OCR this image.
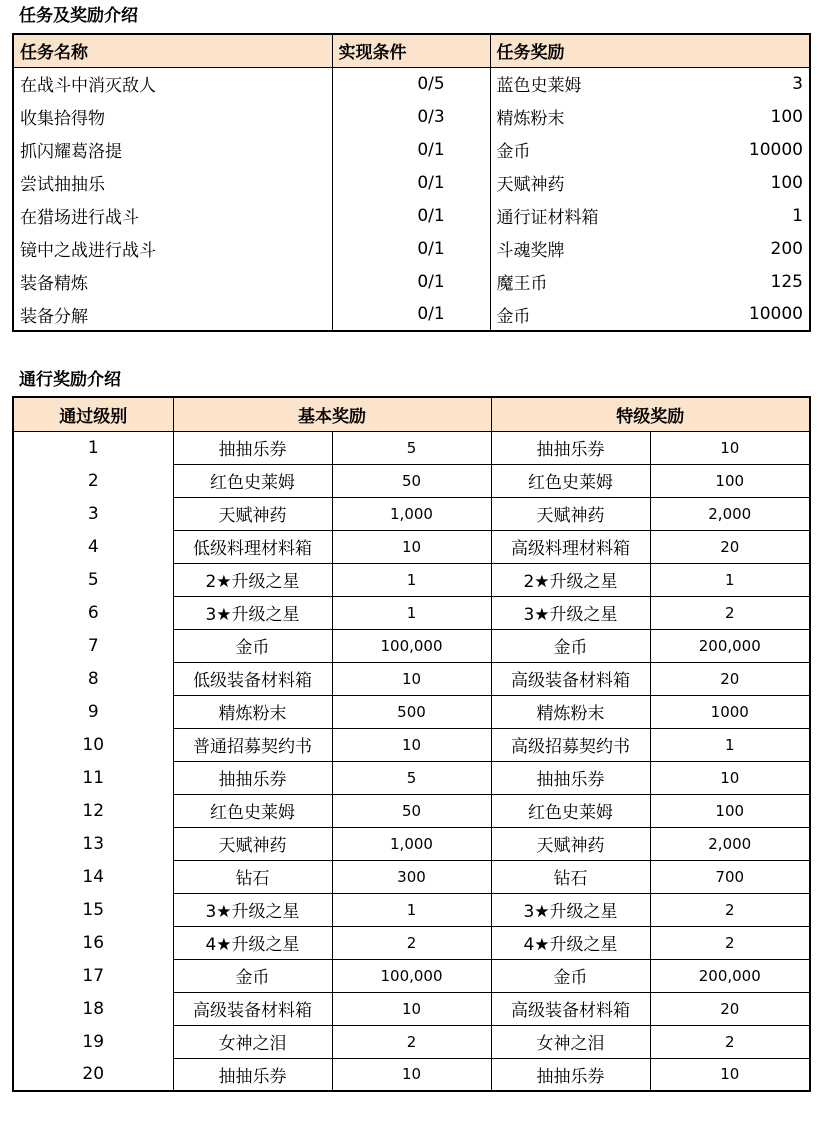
任务及奖励介绍
任务名称	实现条件	任务奖励	
在战斗中消灭敌人	0/5	蓝色史莱姆	3
收集拾得物	0/3	精炼粉末	100
抓闪耀葛洛提	0/1	金币	10000
尝试抽抽乐	0/1	天赋神药	100
在猎场进行战斗	0/1	通行证材料箱	1
镜中之战进行战斗	0/1	斗魂奖牌	200
装备精炼	0/1	魔王币	125
装备分解	0/1	金币	10000
通行奖励介绍
通过级别	基本奖励		特级奖励	
1	抽抽乐券	5	抽抽乐券	10
2	红色史莱姆	50	红色史莱姆	100
3	天赋神药	1,000	天赋神药	2,000
4	低级料理材料箱	10	高级料理材料箱	20
5	2★升级之星	1	2★升级之星	1
6	3★升级之星	1	3★升级之星	2
7	金币	100,000	金币	200,000
8	低级装备材料箱	10	高级装备材料箱	20
9	精炼粉末	500	精炼粉末	1000
10	普通招募契约书	10	高级招募契约书	1
11	抽抽乐券	5	抽抽乐券	10
12	红色史莱姆	50	红色史莱姆	100
13	天赋神药	1,000	天赋神药	2,000
14	钻石	300	钻石	700
15	3★升级之星	1	3★升级之星	2
16	4★升级之星	2	4★升级之星	2
17	金币	100,000	金币	200,000
18	高级装备材料箱	10	高级装备材料箱	20
19	女神之泪	2	女神之泪	2
20	抽抽乐券	10	抽抽乐券	10
